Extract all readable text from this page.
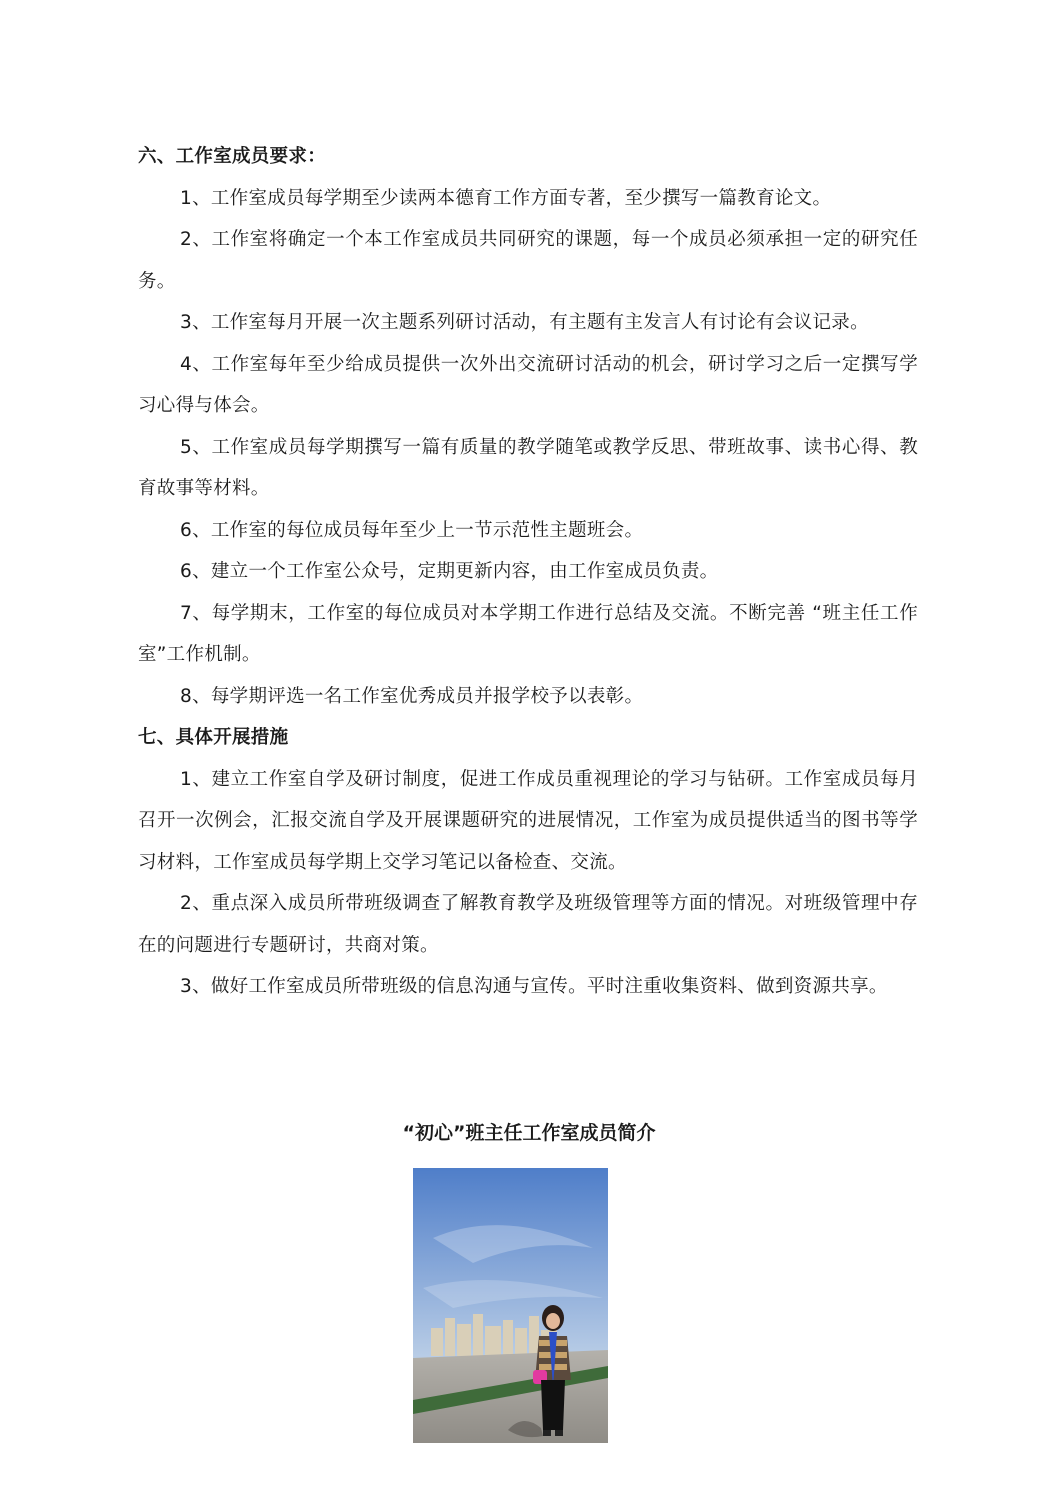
六、工作室成员要求：
1、工作室成员每学期至少读两本德育工作方面专著，至少撰写一篇教育论文。
2、工作室将确定一个本工作室成员共同研究的课题，每一个成员必须承担一定的研究任务。
3、工作室每月开展一次主题系列研讨活动，有主题有主发言人有讨论有会议记录。
4、工作室每年至少给成员提供一次外出交流研讨活动的机会，研讨学习之后一定撰写学习心得与体会。
5、工作室成员每学期撰写一篇有质量的教学随笔或教学反思、带班故事、读书心得、教育故事等材料。
6、工作室的每位成员每年至少上一节示范性主题班会。
6、建立一个工作室公众号，定期更新内容，由工作室成员负责。
7、每学期末，工作室的每位成员对本学期工作进行总结及交流。不断完善 “班主任工作室”工作机制。
8、每学期评选一名工作室优秀成员并报学校予以表彰。
七、具体开展措施
1、建立工作室自学及研讨制度，促进工作成员重视理论的学习与钻研。工作室成员每月召开一次例会，汇报交流自学及开展课题研究的进展情况，工作室为成员提供适当的图书等学习材料，工作室成员每学期上交学习笔记以备检查、交流。
2、重点深入成员所带班级调查了解教育教学及班级管理等方面的情况。对班级管理中存在的问题进行专题研讨，共商对策。
3、做好工作室成员所带班级的信息沟通与宣传。平时注重收集资料、做到资源共享。
“初心”班主任工作室成员简介
